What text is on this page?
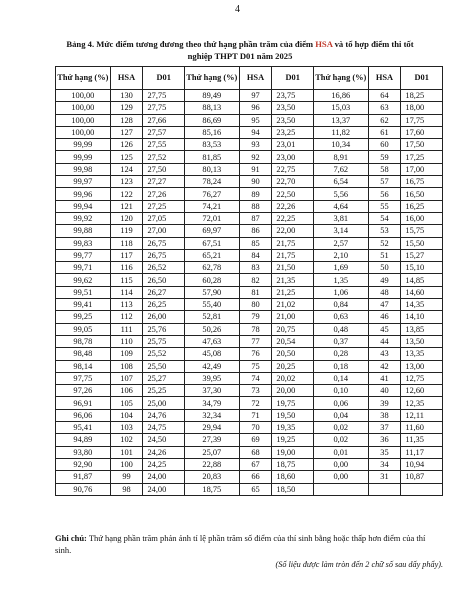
4
Bảng 4. Mức điểm tương đương theo thứ hạng phần trăm của điểm HSA và tổ hợp điểm thi tốt nghiệp THPT D01 năm 2025
Thứ hạng (%)	HSA	D01	Thứ hạng (%)	HSA	D01	Thứ hạng (%)	HSA	D01
100,00	130	27,75	89,49	97	23,75	16,86	64	18,25
100,00	129	27,75	88,13	96	23,50	15,03	63	18,00
100,00	128	27,66	86,69	95	23,50	13,37	62	17,75
100,00	127	27,57	85,16	94	23,25	11,82	61	17,60
99,99	126	27,55	83,53	93	23,01	10,34	60	17,50
99,99	125	27,52	81,85	92	23,00	8,91	59	17,25
99,98	124	27,50	80,13	91	22,75	7,62	58	17,00
99,97	123	27,27	78,24	90	22,70	6,54	57	16,75
99,96	122	27,26	76,27	89	22,50	5,56	56	16,50
99,94	121	27,25	74,21	88	22,26	4,64	55	16,25
99,92	120	27,05	72,01	87	22,25	3,81	54	16,00
99,88	119	27,00	69,97	86	22,00	3,14	53	15,75
99,83	118	26,75	67,51	85	21,75	2,57	52	15,50
99,77	117	26,75	65,21	84	21,75	2,10	51	15,27
99,71	116	26,52	62,78	83	21,50	1,69	50	15,10
99,62	115	26,50	60,28	82	21,35	1,35	49	14,85
99,51	114	26,27	57,90	81	21,25	1,06	48	14,60
99,41	113	26,25	55,40	80	21,02	0,84	47	14,35
99,25	112	26,00	52,81	79	21,00	0,63	46	14,10
99,05	111	25,76	50,26	78	20,75	0,48	45	13,85
98,78	110	25,75	47,63	77	20,54	0,37	44	13,50
98,48	109	25,52	45,08	76	20,50	0,28	43	13,35
98,14	108	25,50	42,49	75	20,25	0,18	42	13,00
97,75	107	25,27	39,95	74	20,02	0,14	41	12,75
97,26	106	25,25	37,30	73	20,00	0,10	40	12,60
96,91	105	25,00	34,79	72	19,75	0,06	39	12,35
96,06	104	24,76	32,34	71	19,50	0,04	38	12,11
95,41	103	24,75	29,94	70	19,35	0,02	37	11,60
94,89	102	24,50	27,39	69	19,25	0,02	36	11,35
93,80	101	24,26	25,07	68	19,00	0,01	35	11,17
92,90	100	24,25	22,88	67	18,75	0,00	34	10,94
91,87	99	24,00	20,83	66	18,60	0,00	31	10,87
90,76	98	24,00	18,75	65	18,50			
Ghi chú: Thứ hạng phần trăm phản ánh tỉ lệ phần trăm số điểm của thí sinh bằng hoặc thấp hơn điểm của thí sinh.
(Số liệu được làm tròn đến 2 chữ số sau dấy phẩy).
